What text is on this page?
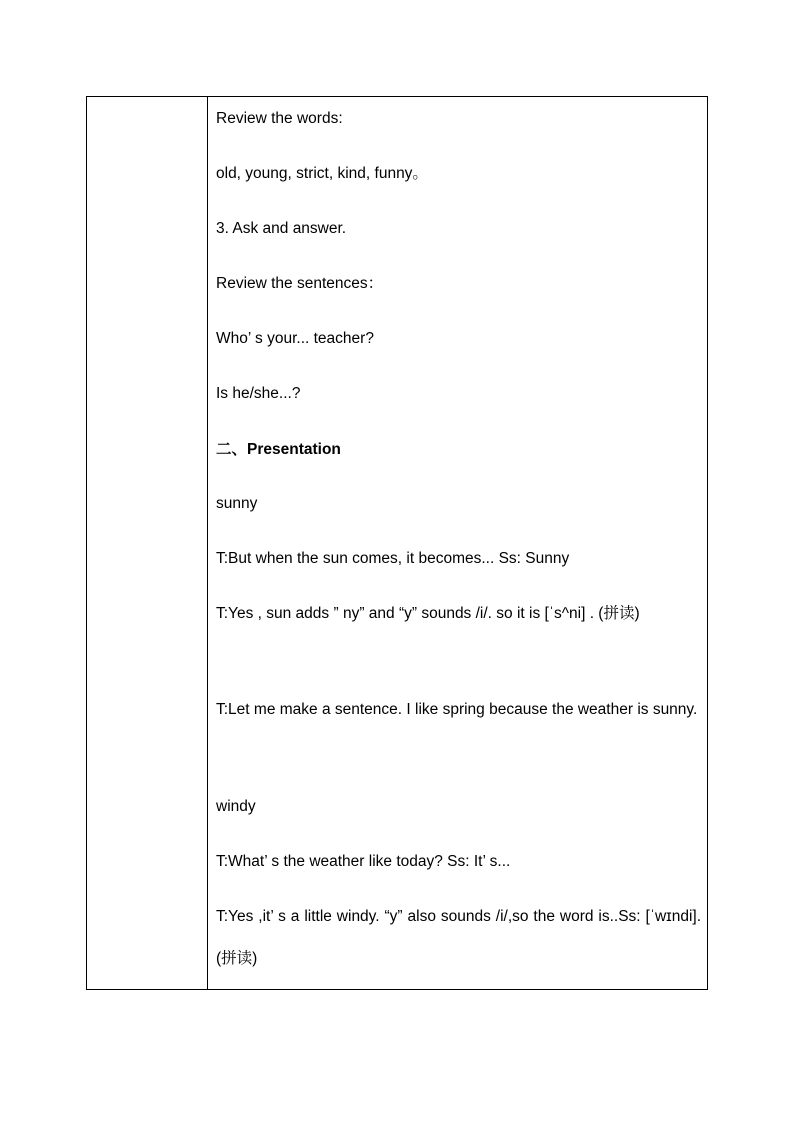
Review the words:
old, young, strict, kind, funny。
3. Ask and answer.
Review the sentences：
Who’ s your... teacher?
Is he/she...?
二、Presentation
sunny
T:But when the sun comes, it becomes... Ss: Sunny
T:Yes , sun adds ” ny” and “y” sounds /i/. so it is [ˈs^ni] . (拼读)
T:Let me make a sentence. I like spring because the weather is sunny.
windy
T:What’ s the weather like today? Ss: It’ s...
T:Yes ,it’ s a little windy. “y” also sounds /i/,so the word is..Ss: [ˈwɪndi].(拼读)
